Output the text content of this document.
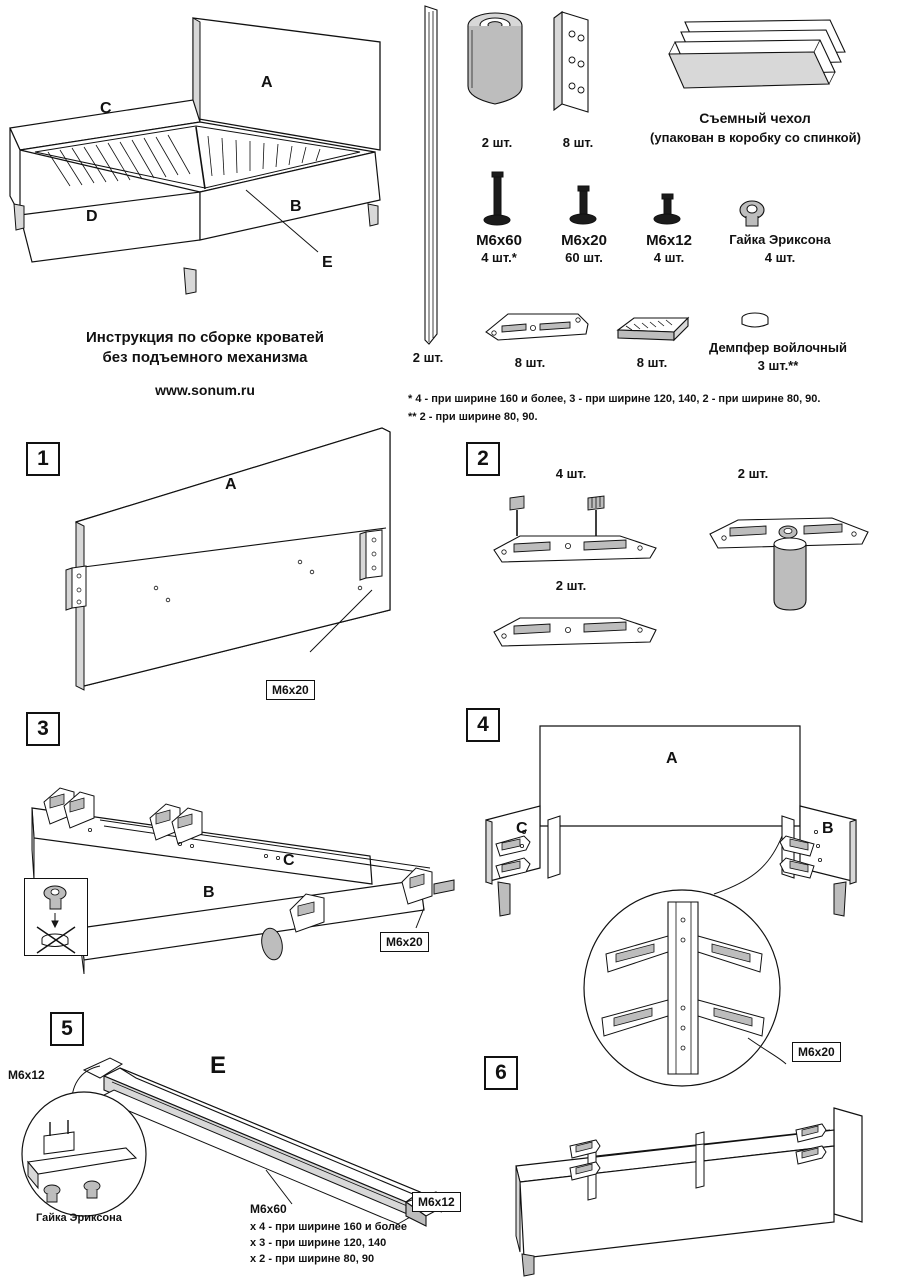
A
C
D
B
E
Инструкция по сборке кроватей
без подъемного механизма
www.sonum.ru
2 шт.
2 шт.	8 шт.
Съемный чехол
(упакован в коробку со спинкой)
M6x60
4 шт.*
M6x20
60 шт.
M6x12
4 шт.
Гайка Эриксона
4 шт.
8 шт.	8 шт.
Демпфер войлочный
3 шт.**
* 4 - при ширине 160 и более, 3 - при ширине 120, 140, 2 - при ширине 80, 90.
** 2 - при ширине 80, 90.
1
A
M6x20
2
4 шт.	2 шт.
2 шт.
3
C
B
M6x20
4
A
C	B
M6x20
5
E
M6x12
M6x12
Гайка Эриксона
M6x60
x 4 - при ширине 160 и более
x 3 - при ширине 120, 140
x 2 - при ширине 80, 90
6
